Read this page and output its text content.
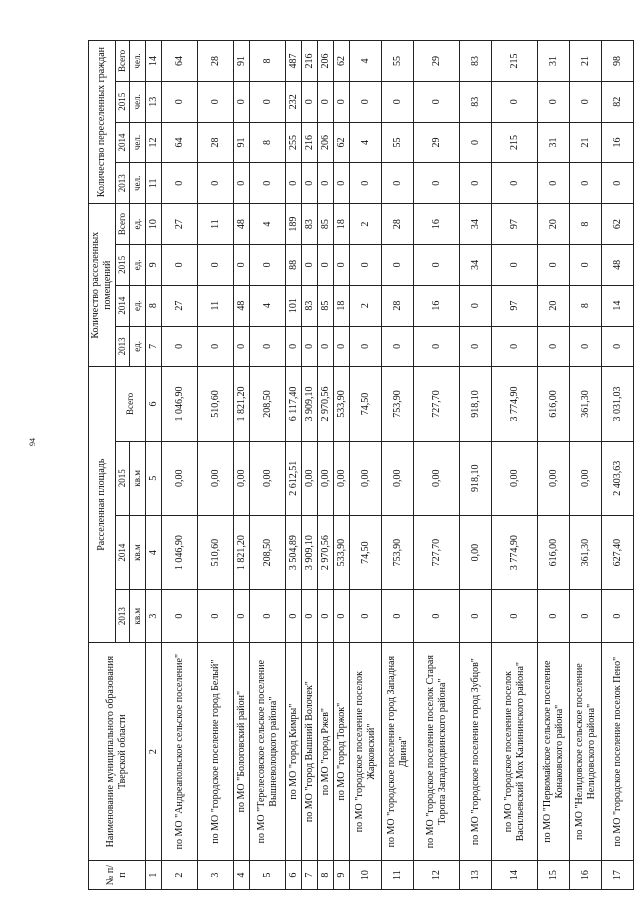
94
№ п/п	Наименование муниципального образования Тверской области	Расселенная площадь				Количество расселенных помещений				Количество переселенных граждан			
		2013	2014	2015	Всего	2013	2014	2015	Всего	2013	2014	2015	Всего
		кв.м	кв.м	кв.м		ед.	ед.	ед.	ед.	чел.	чел.	чел.	чел.
1	2	3	4	5	6	7	8	9	10	11	12	13	14
2	по МО "Андреапольское сельское поселение"	0	1 046,90	0,00	1 046,90	0	27	0	27	0	64	0	64
3	по МО "городское поселение город Белый"	0	510,60	0,00	510,60	0	11	0	11	0	28	0	28
4	по МО "Бологовский район"	0	1 821,20	0,00	1 821,20	0	48	0	48	0	91	0	91
5	по МО "Терелесовское сельское поселение Вышневолоцкого района"	0	208,50	0,00	208,50	0	4	0	4	0	8	0	8
6	по МО "город Кимры"	0	3 504,89	2 612,51	6 117,40	0	101	88	189	0	255	232	487
7	по МО "город Вышний Волочек"	0	3 909,10	0,00	3 909,10	0	83	0	83	0	216	0	216
8	по МО "город Ржев"	0	2 970,56	0,00	2 970,56	0	85	0	85	0	206	0	206
9	по МО "город Торжок"	0	533,90	0,00	533,90	0	18	0	18	0	62	0	62
10	по МО "городское поселение поселок Жарковский"	0	74,50	0,00	74,50	0	2	0	2	0	4	0	4
11	по МО "городское поселение город Западная Двина"	0	753,90	0,00	753,90	0	28	0	28	0	55	0	55
12	по МО "городское поселение поселок Старая Торопа Западнодвинского района"	0	727,70	0,00	727,70	0	16	0	16	0	29	0	29
13	по МО "городское поселение город Зубцов"	0	0,00	918,10	918,10	0	0	34	34	0	0	83	83
14	по МО "городское поселение поселок Васильевский Мох Калининского района"	0	3 774,90	0,00	3 774,90	0	97	0	97	0	215	0	215
15	по МО "Первомайское сельское поселение Конаковского района"	0	616,00	0,00	616,00	0	20	0	20	0	31	0	31
16	по МО "Нелидовское сельское поселение Нелидовского района"	0	361,30	0,00	361,30	0	8	0	8	0	21	0	21
17	по МО "городское поселение поселок Пено"	0	627,40	2 403,63	3 031,03	0	14	48	62	0	16	82	98
